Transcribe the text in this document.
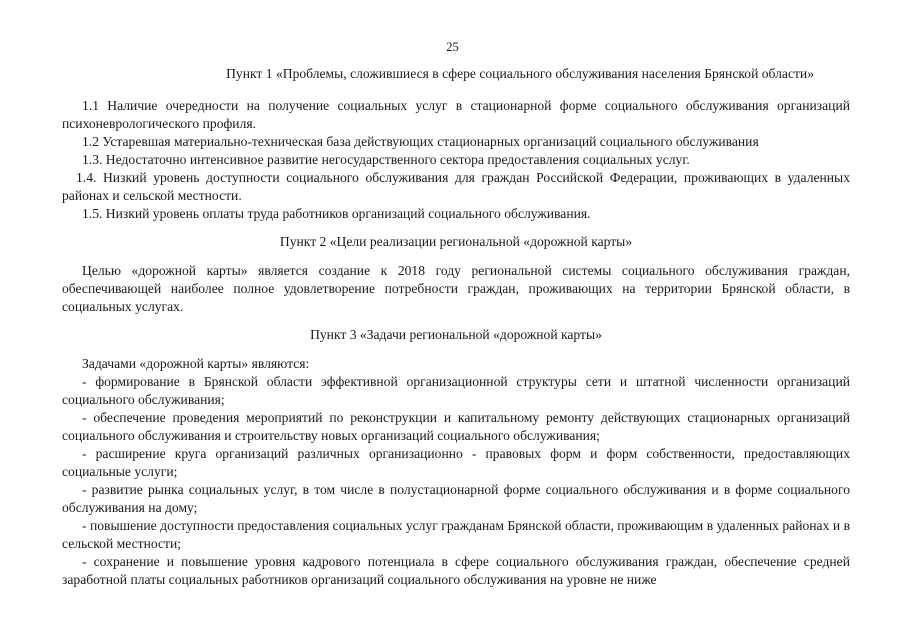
25

Пункт 1 «Проблемы, сложившиеся в сфере социального обслуживания населения Брянской области»

1.1 Наличие очередности на получение социальных услуг в стационарной форме социального обслуживания организаций психоневрологического профиля.

1.2 Устаревшая материально-техническая база действующих стационарных организаций социального обслуживания

1.3. Недостаточно интенсивное развитие негосударственного сектора предоставления социальных услуг.

1.4. Низкий уровень доступности социального обслуживания для граждан Российской Федерации, проживающих в удаленных районах и сельской местности.

1.5. Низкий уровень оплаты труда работников организаций социального обслуживания.

Пункт 2 «Цели реализации региональной «дорожной карты»

Целью «дорожной карты» является создание к 2018 году региональной системы социального обслуживания граждан, обеспечивающей наиболее полное удовлетворение потребности граждан, проживающих на территории Брянской области, в социальных услугах.

Пункт 3 «Задачи региональной «дорожной карты»

Задачами «дорожной карты» являются:

- формирование в Брянской области эффективной организационной структуры сети и штатной численности организаций социального обслуживания;

- обеспечение проведения мероприятий по реконструкции и капитальному ремонту действующих стационарных организаций социального обслуживания и строительству новых организаций социального обслуживания;

- расширение круга организаций различных организационно - правовых форм и форм собственности, предоставляющих социальные услуги;

- развитие рынка социальных услуг, в том числе в полустационарной форме социального обслуживания и в форме социального обслуживания на дому;

- повышение доступности предоставления социальных услуг гражданам Брянской области, проживающим в удаленных районах и в сельской местности;

- сохранение и повышение уровня кадрового потенциала в сфере социального обслуживания граждан, обеспечение средней заработной платы социальных работников организаций социального обслуживания на уровне не ниже
